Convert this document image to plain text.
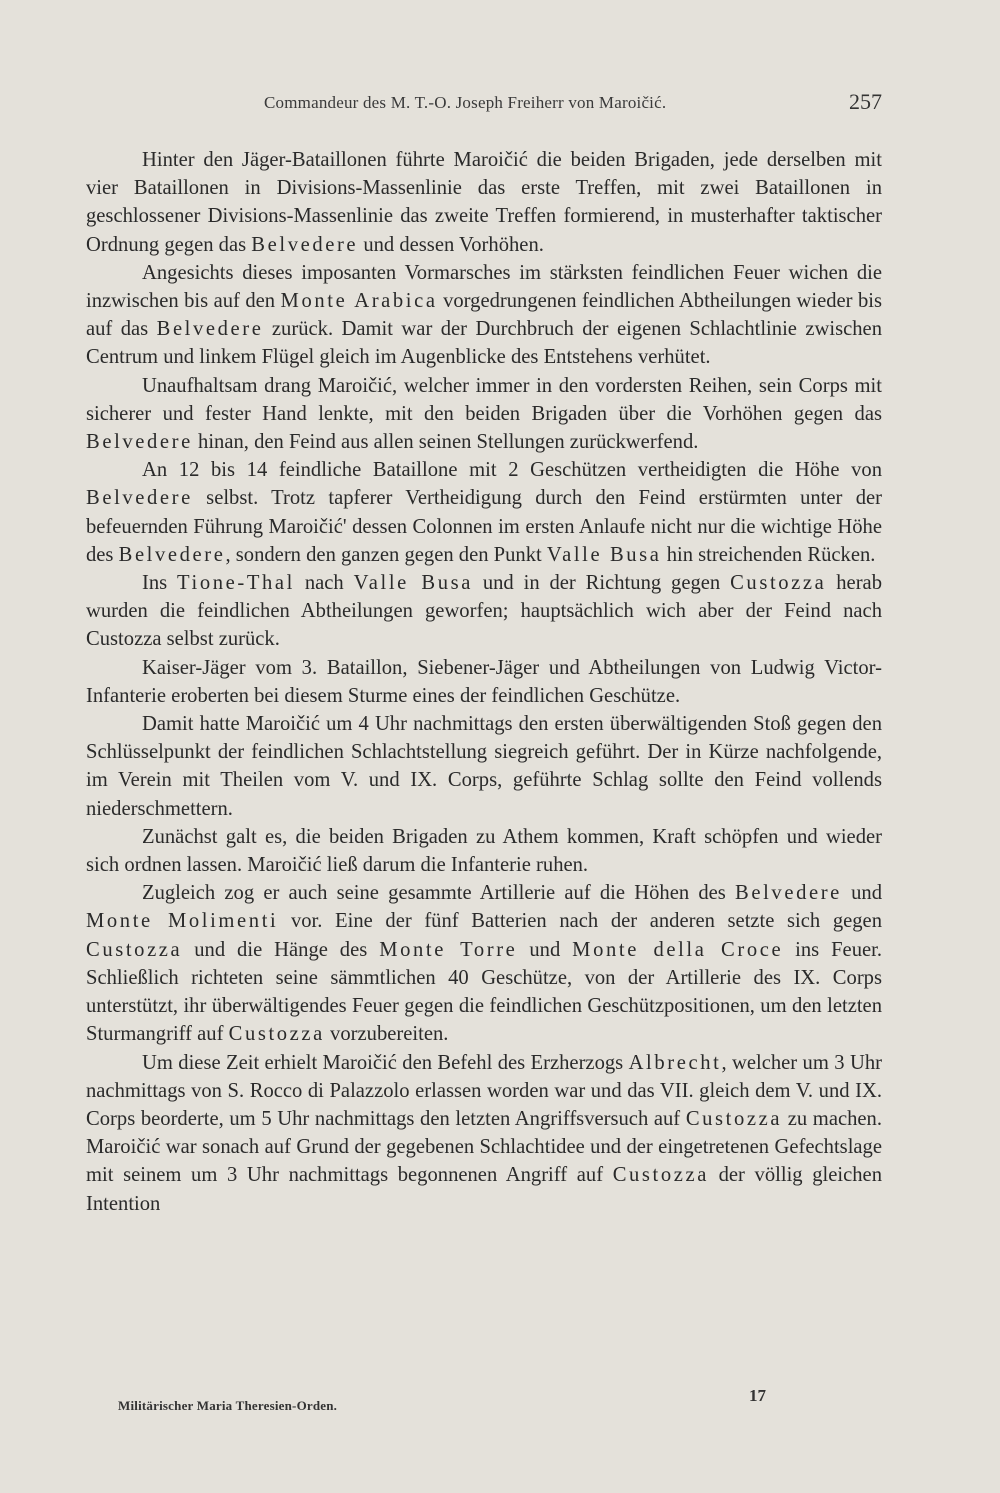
Commandeur des M. T.-O. Joseph Freiherr von Maroičić.	257

Hinter den Jäger-Bataillonen führte Maroičić die beiden Brigaden, jede derselben mit vier Bataillonen in Divisions-Massenlinie das erste Treffen, mit zwei Bataillonen in geschlossener Divisions-Massenlinie das zweite Treffen formierend, in musterhafter taktischer Ordnung gegen das Belvedere und dessen Vorhöhen.

Angesichts dieses imposanten Vormarsches im stärksten feindlichen Feuer wichen die inzwischen bis auf den Monte Arabica vorgedrungenen feindlichen Abtheilungen wieder bis auf das Belvedere zurück. Damit war der Durchbruch der eigenen Schlachtlinie zwischen Centrum und linkem Flügel gleich im Augenblicke des Entstehens verhütet.

Unaufhaltsam drang Maroičić, welcher immer in den vordersten Reihen, sein Corps mit sicherer und fester Hand lenkte, mit den beiden Brigaden über die Vorhöhen gegen das Belvedere hinan, den Feind aus allen seinen Stellungen zurückwerfend.

An 12 bis 14 feindliche Bataillone mit 2 Geschützen vertheidigten die Höhe von Belvedere selbst. Trotz tapferer Vertheidigung durch den Feind erstürmten unter der befeuernden Führung Maroičić' dessen Colonnen im ersten Anlaufe nicht nur die wichtige Höhe des Belvedere, sondern den ganzen gegen den Punkt Valle Busa hin streichenden Rücken.

Ins Tione-Thal nach Valle Busa und in der Richtung gegen Custozza herab wurden die feindlichen Abtheilungen geworfen; hauptsächlich wich aber der Feind nach Custozza selbst zurück.

Kaiser-Jäger vom 3. Bataillon, Siebener-Jäger und Abtheilungen von Ludwig Victor-Infanterie eroberten bei diesem Sturme eines der feindlichen Geschütze.

Damit hatte Maroičić um 4 Uhr nachmittags den ersten überwältigenden Stoß gegen den Schlüsselpunkt der feindlichen Schlachtstellung siegreich geführt. Der in Kürze nachfolgende, im Verein mit Theilen vom V. und IX. Corps, geführte Schlag sollte den Feind vollends niederschmettern.

Zunächst galt es, die beiden Brigaden zu Athem kommen, Kraft schöpfen und wieder sich ordnen lassen. Maroičić ließ darum die Infanterie ruhen.

Zugleich zog er auch seine gesammte Artillerie auf die Höhen des Belvedere und Monte Molimenti vor. Eine der fünf Batterien nach der anderen setzte sich gegen Custozza und die Hänge des Monte Torre und Monte della Croce ins Feuer. Schließlich richteten seine sämmtlichen 40 Geschütze, von der Artillerie des IX. Corps unterstützt, ihr überwältigendes Feuer gegen die feindlichen Geschützpositionen, um den letzten Sturmangriff auf Custozza vorzubereiten.

Um diese Zeit erhielt Maroičić den Befehl des Erzherzogs Albrecht, welcher um 3 Uhr nachmittags von S. Rocco di Palazzolo erlassen worden war und das VII. gleich dem V. und IX. Corps beorderte, um 5 Uhr nachmittags den letzten Angriffsversuch auf Custozza zu machen. Maroičić war sonach auf Grund der gegebenen Schlachtidee und der eingetretenen Gefechtslage mit seinem um 3 Uhr nachmittags begonnenen Angriff auf Custozza der völlig gleichen Intention

Militärischer Maria Theresien-Orden.
17
